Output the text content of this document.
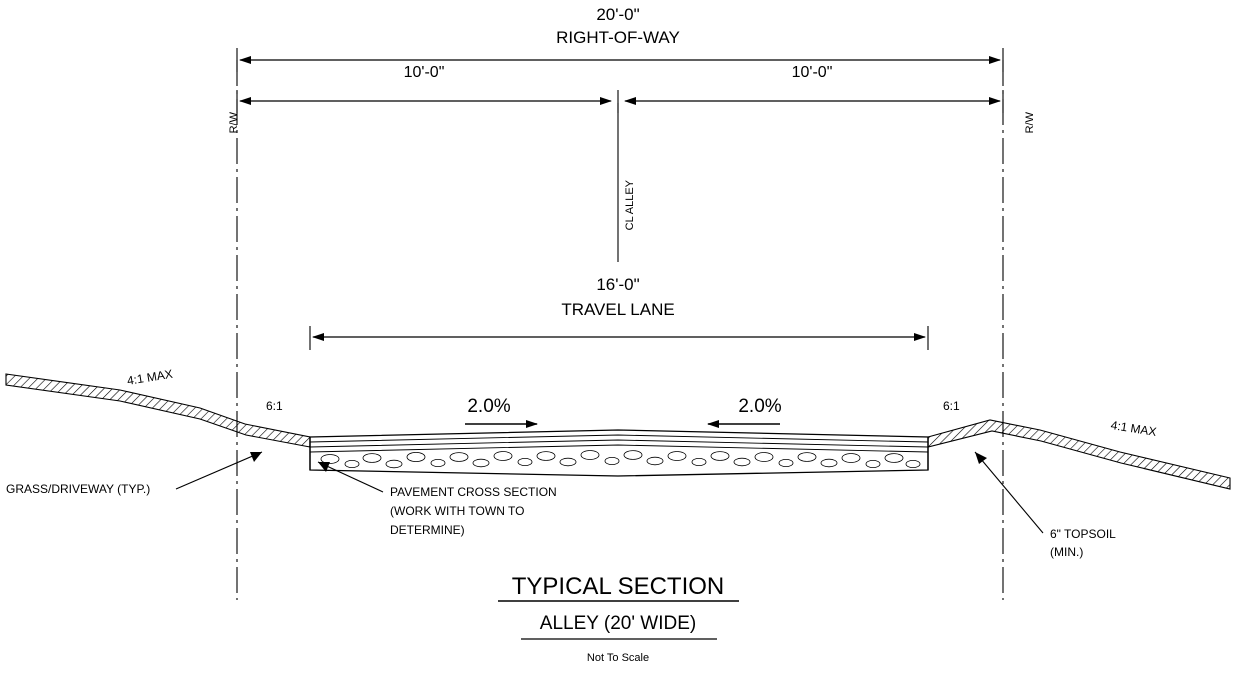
20'-0"
RIGHT-OF-WAY
10'-0"	10'-0"
R/W	R/W
CL ALLEY
16'-0"
TRAVEL LANE
2.0%	2.0%
6:1	6:1
4:1 MAX
4:1 MAX
GRASS/DRIVEWAY (TYP.)	PAVEMENT CROSS SECTION
(WORK WITH TOWN TO
DETERMINE)	6" TOPSOIL
(MIN.)
TYPICAL SECTION
ALLEY (20' WIDE)
Not To Scale
